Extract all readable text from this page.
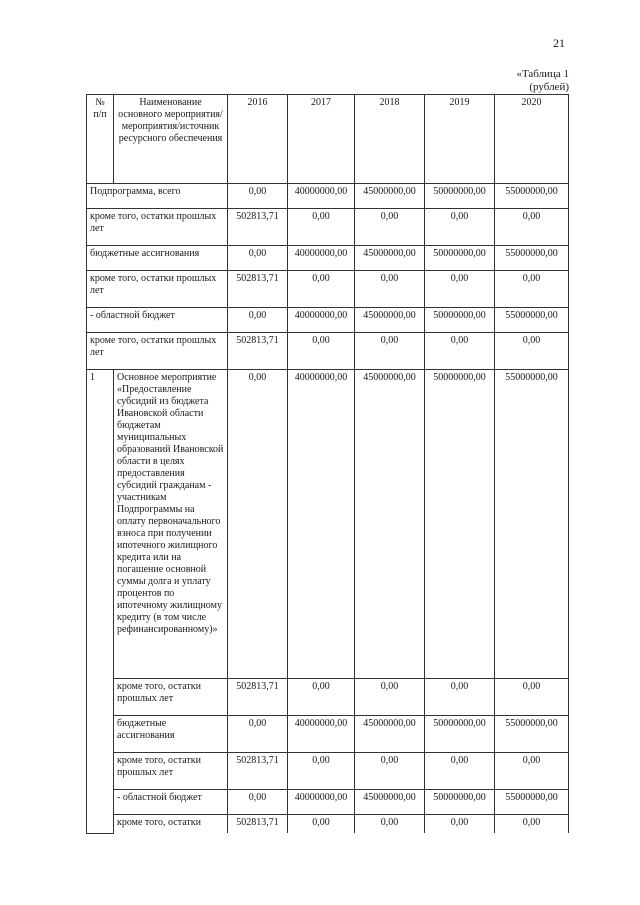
21
«Таблица 1
(рублей)
№ п/п	Наименование основного мероприятия/мероприятия/источник ресурсного обеспечения	2016	2017	2018	2019	2020
Подпрограмма, всего		0,00	40000000,00	45000000,00	50000000,00	55000000,00
кроме того, остатки прошлых лет		502813,71	0,00	0,00	0,00	0,00
бюджетные ассигнования		0,00	40000000,00	45000000,00	50000000,00	55000000,00
кроме того, остатки прошлых лет		502813,71	0,00	0,00	0,00	0,00
- областной бюджет		0,00	40000000,00	45000000,00	50000000,00	55000000,00
кроме того, остатки прошлых лет		502813,71	0,00	0,00	0,00	0,00
1	Основное мероприятие «Предоставление субсидий из бюджета Ивановской области бюджетам муниципальных образований Ивановской области в целях предоставления субсидий гражданам - участникам Подпрограммы на оплату первоначального взноса при получении ипотечного жилищного кредита или на погашение основной суммы долга и уплату процентов по ипотечному жилищному кредиту (в том числе рефинансированному)»	0,00	40000000,00	45000000,00	50000000,00	55000000,00
	кроме того, остатки прошлых лет	502813,71	0,00	0,00	0,00	0,00
	бюджетные ассигнования	0,00	40000000,00	45000000,00	50000000,00	55000000,00
	кроме того, остатки прошлых лет	502813,71	0,00	0,00	0,00	0,00
	- областной бюджет	0,00	40000000,00	45000000,00	50000000,00	55000000,00
	кроме того, остатки	502813,71	0,00	0,00	0,00	0,00
